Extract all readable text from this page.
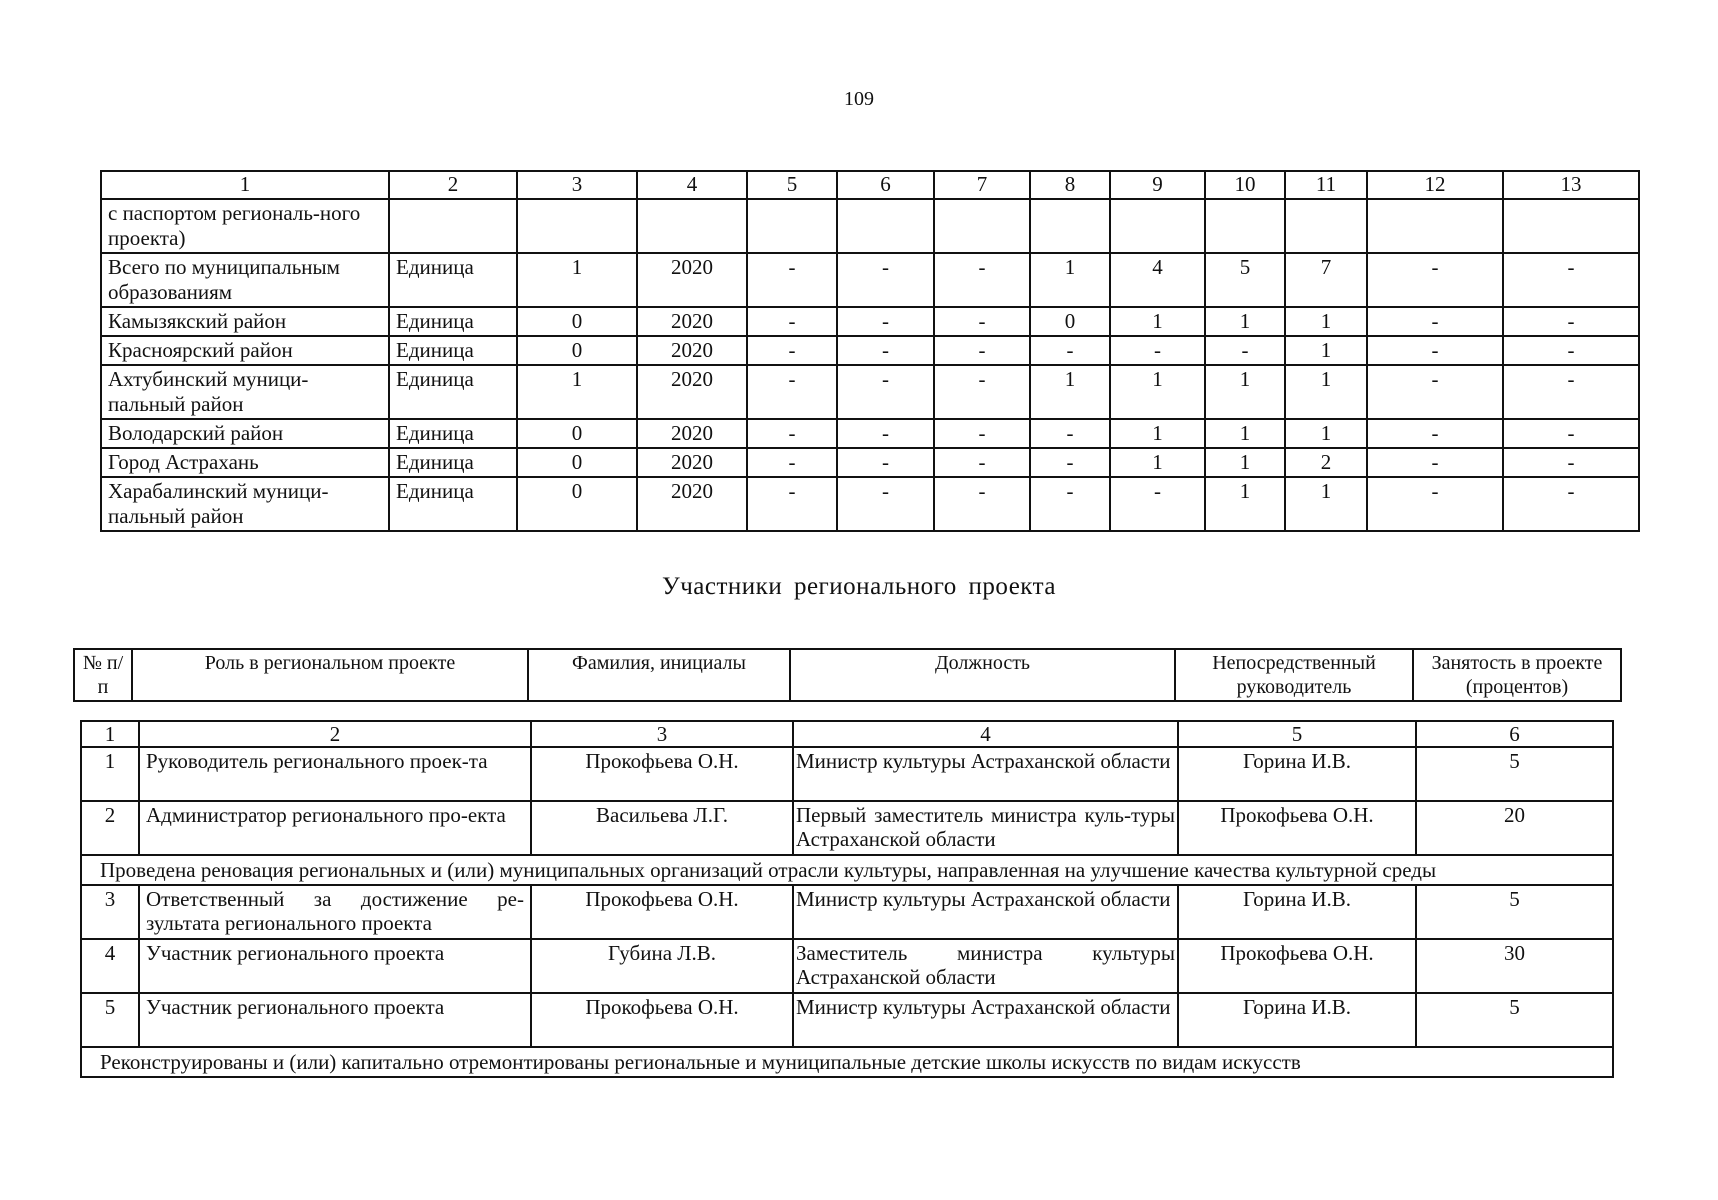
109
1	2	3	4	5	6	7	8	9	10	11	12	13
с паспортом региональ-ного проекта)												
Всего по муниципальным образованиям	Единица	1	2020	-	-	-	1	4	5	7	-	-
Камызякский район	Единица	0	2020	-	-	-	0	1	1	1	-	-
Красноярский район	Единица	0	2020	-	-	-	-	-	-	1	-	-
Ахтубинский муници-пальный район	Единица	1	2020	-	-	-	1	1	1	1	-	-
Володарский район	Единица	0	2020	-	-	-	-	1	1	1	-	-
Город Астрахань	Единица	0	2020	-	-	-	-	1	1	2	-	-
Харабалинский муници-пальный район	Единица	0	2020	-	-	-	-	-	1	1	-	-
Участники регионального проекта
№ п/п	Роль в региональном проекте	Фамилия, инициалы	Должность	Непосредственный руководитель	Занятость в проекте (процентов)
1	2	3	4	5	6
1	Руководитель регионального проек-та	Прокофьева О.Н.	Министр культуры Астраханской области	Горина И.В.	5
2	Администратор регионального про-екта	Васильева Л.Г.	Первый заместитель министра куль-туры Астраханской области	Прокофьева О.Н.	20
Проведена реновация региональных и (или) муниципальных организаций отрасли культуры, направленная на улучшение качества культурной среды					
3	Ответственный за достижение ре-зультата регионального проекта	Прокофьева О.Н.	Министр культуры Астраханской области	Горина И.В.	5
4	Участник регионального проекта	Губина Л.В.	Заместитель министра культуры Астраханской области	Прокофьева О.Н.	30
5	Участник регионального проекта	Прокофьева О.Н.	Министр культуры Астраханской области	Горина И.В.	5
Реконструированы и (или) капитально отремонтированы региональные и муниципальные детские школы искусств по видам искусств					
